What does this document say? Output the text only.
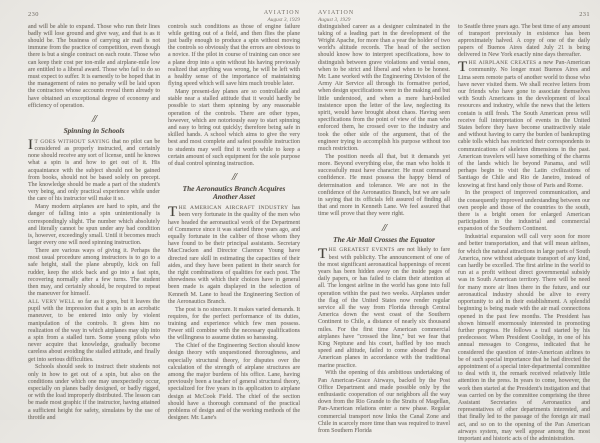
230	AVIATION
August 3, 1929

and will be able to expand. Those who run their lines badly will lose ground and give way, and that is as it should be. The business of carrying air mail is not immune from the practice of competition, even though there is but a single contract on each route. Those who can keep their cost per ton-mile and airplane-mile low are entitled to a liberal award. Those who fail to do so must expect to suffer. It is earnestly to be hoped that in the management of rates no penalty will be laid upon the contractors whose accounts reveal them already to have obtained an exceptional degree of economy and efficiency of operation.

//
Spinning in Schools

I T GOES WITHOUT SAYING that no pilot can be considered as properly instructed, and certainly none should receive any sort of license, until he knows what a spin is and how to get out of it. His acquaintance with the subject should not be gained from books, should not be based solely on precept. The knowledge should be made a part of the student's very being, and only practical experience while under the care of his instructor will make it so.

Many modern airplanes are hard to spin, and the danger of falling into a spin unintentionally is correspondingly slight. The number which absolutely and literally cannot be spun under any bad condition is, however, exceedingly small. Until it becomes much larger every one will need spinning instruction.

There are various ways of giving it. Perhaps the most usual procedure among instructors is to go to a safe height, stall the plane abruptly, kick on full rudder, keep the stick back and go into a fast spin, recovering normally after a few turns. The student then may, and certainly should, be required to repeat the maneuver for himself.

ALL VERY WELL so far as it goes, but it leaves the pupil with the impression that a spin is an acrobatic maneuver, to be entered into only by violent manipulation of the controls. It gives him no realization of the way in which airplanes may slip into a spin from a stalled turn. Some young pilots who never acquire that knowledge, gradually become careless about avoiding the stalled attitude, and finally get into serious difficulties.

Schools should seek to instruct their students not only in how to get out of a spin, but also on the conditions under which one may unexpectedly occur, especially on planes badly designed, or badly rigged, or with the load improperly distributed. The lesson can be made most graphic if the instructor, having attained a sufficient height for safety, simulates by the use of throttle and

controls such conditions as those of engine failure while getting out of a field, and then flies the plane just badly enough to produce a spin without moving the controls so obviously that the errors are obvious to a novice. If the pilot in course of training can once see a plane drop into a spin without his having previously realized that anything was wrong, he will be left with a healthy sense of the importance of maintaining flying speed which will save him much trouble later.

Many present-day planes are so controllable and stable near a stalled attitude that it would hardly be possible to start them spinning by any reasonable operation of the controls. There are other types, however, which are notoriously easy to start spinning and easy to bring out quickly; therefore being safe in skilled hands. A school which aims to give the very best and most complete and safest possible instruction to students may well find it worth while to keep a certain amount of such equipment for the sole purpose of dual control spinning instruction.

//
The Aeronautics Branch Acquires Another Asset

THE AMERICAN AIRCRAFT INDUSTRY has been very fortunate in the quality of the men who have headed the aeronautical work of the Department of Commerce since it was started three years ago, and equally fortunate in the caliber of those whom they have found to be their principal assistants. Secretary MacCracken and Director Clarence Young have directed rare skill in estimating the capacities of their aides, and they have been patient in their search for the right combinations of qualities for each post. The shrewdness with which their choices have in general been made is again displayed in the selection of Kenneth M. Lane to head the Engineering Section of the Aeronautics Branch.

The post is no sinecure. It makes varied demands. It requires, for the perfect performance of its duties, training and experience which few men possess. Fewer still combine with the necessary qualifications the willingness to assume duties so harassing.

The Chief of the Engineering Section should know design theory with unquestioned thoroughness, and especially structural theory, for disputes over the calculation of the strength of airplane structures are among the major burdens of his office. Lane, having previously been a teacher of general structural theory, specialized for five years in its application to airplane design at McCook Field. The chief of the section should have a thorough command of the practical problems of design and of the working methods of the designer. Mr. Lane's

AVIATION
August 3, 1929
231

distinguished career as a designer culminated in the taking of a leading part in the development of the Wright Apache, for more than a year the holder of two world's altitude records. The head of the section should know how to interpret specifications, how to distinguish between grave violations and venial ones, when to be strict and liberal and when to be honest. Mr. Lane worked with the Engineering Division of the Army Air Service all through its formative period, when design specifications were in the making and but little understood, and when a mere hard-boiled insistence upon the letter of the law, neglecting its spirit, would have brought about chaos. Having seen specifications from the point of view of the man who enforced them, he crossed over to the industry and took the other side of the argument, that of the engineer trying to accomplish his purpose without too much restriction.

The position needs all that, but it demands yet more. Beyond everything else, the man who holds it successfully must have character. He must command confidence. He must possess the happy blend of determination and tolerance. We are not in the confidence of the Aeronautics Branch, but we are safe in saying that its officials felt assured of finding all that and more in Kenneth Lane. We feel assured that time will prove that they were right.

//
The Air Mail Crosses the Equator

THE GREATEST EVENTS are not likely to fare best with publicity. The announcement of one of the most significant aeronautical happenings of recent years has been hidden away on the inside pages of daily papers, or has failed to claim their attention at all. The longest airline in the world has gone into full operation within the past two weeks. Airplanes under the flag of the United States now render regular service all the way from Florida through Central America down the west coast of the Southern Continent to Chile, a distance of nearly six thousand miles. For the first time American commercial airplanes have "crossed the line," but we fear that King Neptune and his court, baffled by too much speed and altitude, failed to come aboard the Pan American planes in accordance with the traditional marine practice.

With the opening of this ambitious undertaking of Pan American-Grace Airways, backed by the Post Office Department and made possible only by the enthusiastic cooperation of our neighbors all the way down from the Rio Grande to the Straits of Magellan, Pan-American relations enter a new phase. Regular commercial transport now links the Canal Zone and Chile in scarcely more time than was required to travel from Southern Florida

to Seattle three years ago. The best time of any amount of transport previously in existence has been approximately halved. A copy of one of the daily papers of Buenos Aires dated July 21 is being delivered in New York exactly nine days thereafter.

THE AIRPLANE CREATES a new Pan-American community. No longer must Buenos Aires and Lima seem remote parts of another world to those who have never visited them. We shall receive letters from our friends who have gone to associate themselves with South Americans in the development of local resources and industry, while the news that the letters contain is still fresh. The South American press will receive full interpretation of events in the United States before they have become unattractively stale and without having to carry the burden of bankrupting cable tolls which has restricted their correspondents to communications of skeleton dimensions in the past. American travelers will have something of the charms of the lands which lie beyond Panama, and will perhaps begin to visit the Latin civilizations of Santiago de Chile and Rio de Janeiro, instead of knowing at first hand only those of Paris and Rome.

In the prospect of improved communication, and the consequently improved understanding between our own people and those of the countries to the south, there is a bright omen for enlarged American participation in the industrial and commercial expansion of the Southern Continent.

Industrial expansion will call very soon for more and better transportation, and that will mean airlines, for which the natural attractions in large parts of South America, now without adequate transport of any kind, can hardly be excelled. The first airline in the world to run at a profit without direct governmental subsidy was in South American territory. There will be need for many more air lines there in the future, and our aeronautical industry should be alive to every opportunity to aid in their establishment. A splendid beginning is being made with the air mail connections opened in the past few months. The President has shown himself enormously interested in promoting further progress. He follows a trail started by his predecessor. When President Coolidge, in one of his annual messages to Congress, indicated that he considered the question of inter-American airlines to be of such special importance that he had directed the appointment of a special inter-departmental committee to deal with it, the remark received relatively little attention in the press. In years to come, however, the work then started at the President's instigation and that was carried on by the committee comprising the three Assistant Secretaries of Aeronautics and representatives of other departments interested, and that finally led to the passage of the foreign air mail act, and so on to the opening of the Pan American airways system, may well appear among the most important and historic acts of the administration.
